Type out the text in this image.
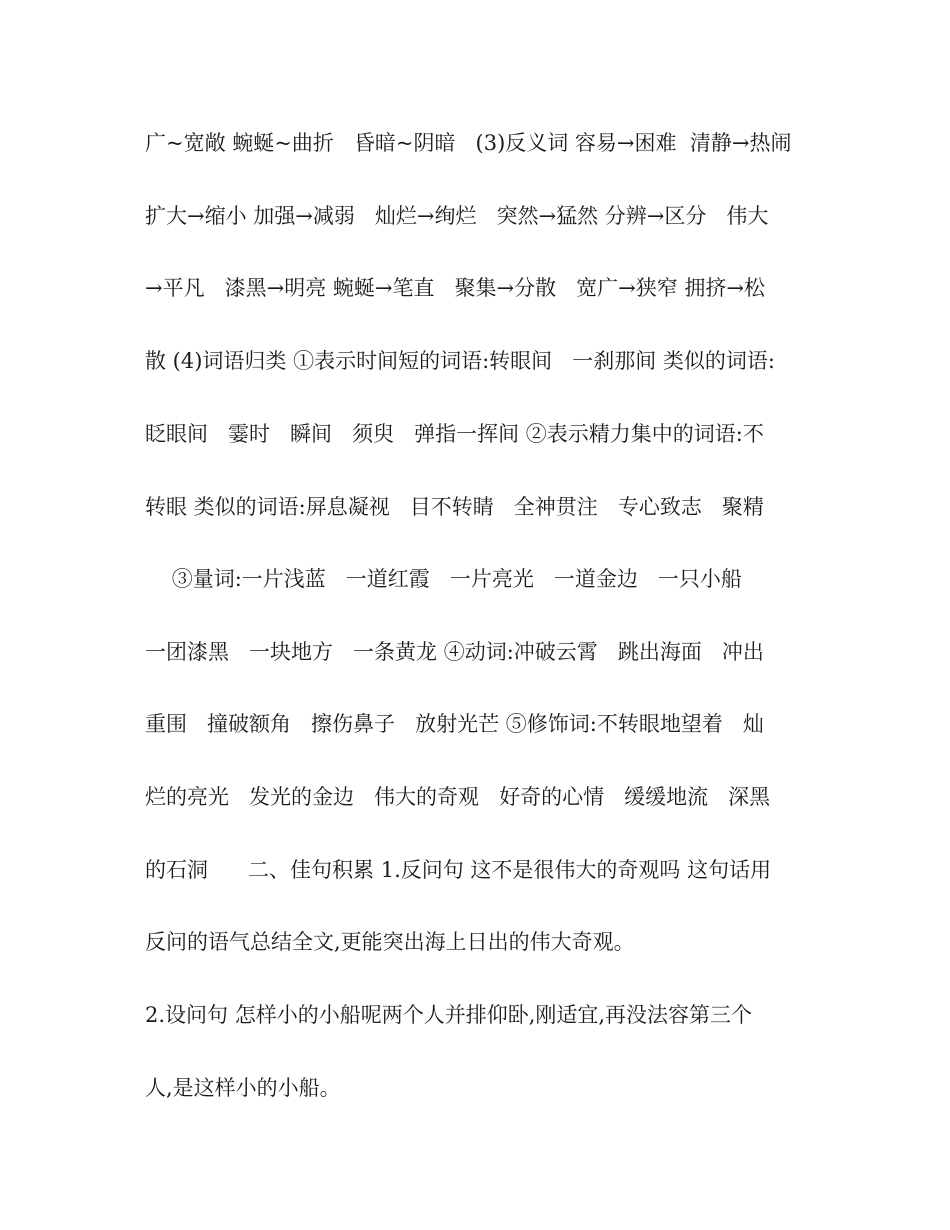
广~宽敞 蜿蜒~曲折   昏暗~阴暗   (3)反义词 容易→困难  清静→热闹
扩大→缩小 加强→减弱   灿烂→绚烂   突然→猛然 分辨→区分   伟大
→平凡   漆黑→明亮 蜿蜒→笔直   聚集→分散   宽广→狭窄 拥挤→松
散 (4)词语归类 ①表示时间短的词语:转眼间   一刹那间 类似的词语:
眨眼间   霎时   瞬间   须臾   弹指一挥间 ②表示精力集中的词语:不
转眼 类似的词语:屏息凝视   目不转睛   全神贯注   专心致志   聚精
③量词:一片浅蓝   一道红霞   一片亮光   一道金边   一只小船
一团漆黑   一块地方   一条黄龙 ④动词:冲破云霄   跳出海面   冲出
重围   撞破额角   擦伤鼻子   放射光芒 ⑤修饰词:不转眼地望着   灿
烂的亮光   发光的金边   伟大的奇观   好奇的心情   缓缓地流   深黑
的石洞      二、佳句积累 1.反问句 这不是很伟大的奇观吗 这句话用
反问的语气总结全文,更能突出海上日出的伟大奇观。
2.设问句 怎样小的小船呢两个人并排仰卧,刚适宜,再没法容第三个
人,是这样小的小船。
